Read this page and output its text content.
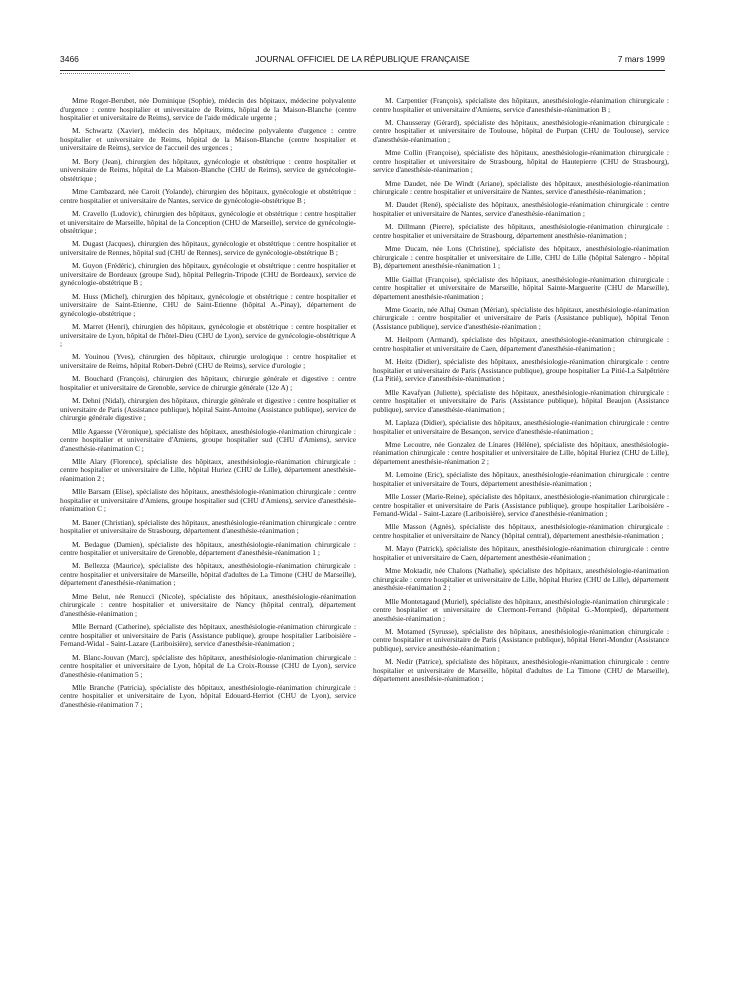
3466	JOURNAL OFFICIEL DE LA RÉPUBLIQUE FRANÇAISE	7 mars 1999

Mme Roger-Berubet, née Dominique (Sophie), médecin des hôpitaux, médecine polyvalente d'urgence : centre hospitalier et universitaire de Reims, hôpital de la Maison-Blanche (centre hospitalier et universitaire de Reims), service de l'aide médicale urgente ;

M. Schwartz (Xavier), médecin des hôpitaux, médecine polyvalente d'urgence : centre hospitalier et universitaire de Reims, hôpital de la Maison-Blanche (centre hospitalier et universitaire de Reims), service de l'accueil des urgences ;

M. Bory (Jean), chirurgien des hôpitaux, gynécologie et obstétrique : centre hospitalier et universitaire de Reims, hôpital de La Maison-Blanche (CHU de Reims), service de gynécologie-obstétrique ;

Mme Cambazard, née Caroit (Yolande), chirurgien des hôpitaux, gynécologie et obstétrique : centre hospitalier et universitaire de Nantes, service de gynécologie-obstétrique B ;

M. Cravello (Ludovic), chirurgien des hôpitaux, gynécologie et obstétrique : centre hospitalier et universitaire de Marseille, hôpital de la Conception (CHU de Marseille), service de gynécologie-obstétrique ;

M. Dugast (Jacques), chirurgien des hôpitaux, gynécologie et obstétrique : centre hospitalier et universitaire de Rennes, hôpital sud (CHU de Rennes), service de gynécologie-obstétrique B ;

M. Guyon (Frédéric), chirurgien des hôpitaux, gynécologie et obstétrique : centre hospitalier et universitaire de Bordeaux (groupe Sud), hôpital Pellegrin-Tripode (CHU de Bordeaux), service de gynécologie-obstétrique B ;

M. Huss (Michel), chirurgien des hôpitaux, gynécologie et obstétrique : centre hospitalier et universitaire de Saint-Etienne, CHU de Saint-Etienne (hôpital A.-Pinay), département de gynécologie-obstétrique ;

M. Marret (Henri), chirurgien des hôpitaux, gynécologie et obstétrique : centre hospitalier et universitaire de Lyon, hôpital de l'hôtel-Dieu (CHU de Lyon), service de gynécologie-obstétrique A ;

M. Youinou (Yves), chirurgien des hôpitaux, chirurgie urologique : centre hospitalier et universitaire de Reims, hôpital Robert-Debré (CHU de Reims), service d'urologie ;

M. Bouchard (François), chirurgien des hôpitaux, chirurgie générale et digestive : centre hospitalier et universitaire de Grenoble, service de chirurgie générale (12e A) ;

M. Dehni (Nidal), chirurgien des hôpitaux, chirurgie générale et digestive : centre hospitalier et universitaire de Paris (Assistance publique), hôpital Saint-Antoine (Assistance publique), service de chirurgie générale digestive ;

Mlle Agaesse (Véronique), spécialiste des hôpitaux, anesthésiologie-réanimation chirurgicale : centre hospitalier et universitaire d'Amiens, groupe hospitalier sud (CHU d'Amiens), service d'anesthésie-réanimation C ;

Mlle Alary (Florence), spécialiste des hôpitaux, anesthésiologie-réanimation chirurgicale : centre hospitalier et universitaire de Lille, hôpital Huriez (CHU de Lille), département anesthésie-réanimation 2 ;

Mlle Barsam (Elise), spécialiste des hôpitaux, anesthésiologie-réanimation chirurgicale : centre hospitalier et universitaire d'Amiens, groupe hospitalier sud (CHU d'Amiens), service d'anesthésie-réanimation C ;

M. Bauer (Christian), spécialiste des hôpitaux, anesthésiologie-réanimation chirurgicale : centre hospitalier et universitaire de Strasbourg, département d'anesthésie-réanimation ;

M. Bedague (Damien), spécialiste des hôpitaux, anesthésiologie-réanimation chirurgicale : centre hospitalier et universitaire de Grenoble, département d'anesthésie-réanimation 1 ;

M. Bellezza (Maurice), spécialiste des hôpitaux, anesthésiologie-réanimation chirurgicale : centre hospitalier et universitaire de Marseille, hôpital d'adultes de La Timone (CHU de Marseille), département d'anesthésie-réanimation ;

Mme Belut, née Renucci (Nicole), spécialiste des hôpitaux, anesthésiologie-réanimation chirurgicale : centre hospitalier et universitaire de Nancy (hôpital central), département d'anesthésie-réanimation ;

Mlle Bernard (Catherine), spécialiste des hôpitaux, anesthésiologie-réanimation chirurgicale : centre hospitalier et universitaire de Paris (Assistance publique), groupe hospitalier Lariboisière - Fernand-Widal - Saint-Lazare (Lariboisière), service d'anesthésie-réanimation ;

M. Blanc-Jouvan (Marc), spécialiste des hôpitaux, anesthésiologie-réanimation chirurgicale : centre hospitalier et universitaire de Lyon, hôpital de La Croix-Rousse (CHU de Lyon), service d'anesthésie-réanimation 5 ;

Mlle Branche (Patricia), spécialiste des hôpitaux, anesthésiologie-réanimation chirurgicale : centre hospitalier et universitaire de Lyon, hôpital Edouard-Herriot (CHU de Lyon), service d'anesthésie-réanimation 7 ;

M. Carpentier (François), spécialiste des hôpitaux, anesthésiologie-réanimation chirurgicale : centre hospitalier et universitaire d'Amiens, service d'anesthésie-réanimation B ;

M. Chausseray (Gérard), spécialiste des hôpitaux, anesthésiologie-réanimation chirurgicale : centre hospitalier et universitaire de Toulouse, hôpital de Purpan (CHU de Toulouse), service d'anesthésie-réanimation ;

Mme Collin (Françoise), spécialiste des hôpitaux, anesthésiologie-réanimation chirurgicale : centre hospitalier et universitaire de Strasbourg, hôpital de Hautepierre (CHU de Strasbourg), service d'anesthésie-réanimation ;

Mme Daudet, née De Windt (Ariane), spécialiste des hôpitaux, anesthésiologie-réanimation chirurgicale : centre hospitalier et universitaire de Nantes, service d'anesthésie-réanimation ;

M. Daudet (René), spécialiste des hôpitaux, anesthésiologie-réanimation chirurgicale : centre hospitalier et universitaire de Nantes, service d'anesthésie-réanimation ;

M. Dillmann (Pierre), spécialiste des hôpitaux, anesthésiologie-réanimation chirurgicale : centre hospitalier et universitaire de Strasbourg, département anesthésie-réanimation ;

Mme Ducam, née Lons (Christine), spécialiste des hôpitaux, anesthésiologie-réanimation chirurgicale : centre hospitalier et universitaire de Lille, CHU de Lille (hôpital Salengro - hôpital B), département anesthésie-réanimation 1 ;

Mlle Gaillat (Françoise), spécialiste des hôpitaux, anesthésiologie-réanimation chirurgicale : centre hospitalier et universitaire de Marseille, hôpital Sainte-Marguerite (CHU de Marseille), département anesthésie-réanimation ;

Mme Goarin, née Alhaj Osman (Mérian), spécialiste des hôpitaux, anesthésiologie-réanimation chirurgicale : centre hospitalier et universitaire de Paris (Assistance publique), hôpital Tenon (Assistance publique), service d'anesthésie-réanimation ;

M. Heilporn (Armand), spécialiste des hôpitaux, anesthésiologie-réanimation chirurgicale : centre hospitalier et universitaire de Caen, département d'anesthésie-réanimation ;

M. Heitz (Didier), spécialiste des hôpitaux, anesthésiologie-réanimation chirurgicale : centre hospitalier et universitaire de Paris (Assistance publique), groupe hospitalier La Pitié-La Salpêtrière (La Pitié), service d'anesthésie-réanimation ;

Mlle Kavafyan (Juliette), spécialiste des hôpitaux, anesthésiologie-réanimation chirurgicale : centre hospitalier et universitaire de Paris (Assistance publique), hôpital Beaujon (Assistance publique), service d'anesthésie-réanimation ;

M. Laplaza (Didier), spécialiste des hôpitaux, anesthésiologie-réanimation chirurgicale : centre hospitalier et universitaire de Besançon, service d'anesthésie-réanimation ;

Mme Lecoutre, née Gonzalez de Linares (Hélène), spécialiste des hôpitaux, anesthésiologie-réanimation chirurgicale : centre hospitalier et universitaire de Lille, hôpital Huriez (CHU de Lille), département anesthésie-réanimation 2 ;

M. Lemoine (Eric), spécialiste des hôpitaux, anesthésiologie-réanimation chirurgicale : centre hospitalier et universitaire de Tours, département anesthésie-réanimation ;

Mlle Losser (Marie-Reine), spécialiste des hôpitaux, anesthésiologie-réanimation chirurgicale : centre hospitalier et universitaire de Paris (Assistance publique), groupe hospitalier Lariboisière - Fernand-Widal - Saint-Lazare (Lariboisière), service d'anesthésie-réanimation ;

Mlle Masson (Agnès), spécialiste des hôpitaux, anesthésiologie-réanimation chirurgicale : centre hospitalier et universitaire de Nancy (hôpital central), département anesthésie-réanimation ;

M. Mayo (Patrick), spécialiste des hôpitaux, anesthésiologie-réanimation chirurgicale : centre hospitalier et universitaire de Caen, département anesthésie-réanimation ;

Mme Moktadir, née Chalons (Nathalie), spécialiste des hôpitaux, anesthésiologie-réanimation chirurgicale : centre hospitalier et universitaire de Lille, hôpital Huriez (CHU de Lille), département anesthésie-réanimation 2 ;

Mlle Montetagaud (Muriel), spécialiste des hôpitaux, anesthésiologie-réanimation chirurgicale : centre hospitalier et universitaire de Clermont-Ferrand (hôpital G.-Montpied), département anesthésie-réanimation ;

M. Motamed (Syrusse), spécialiste des hôpitaux, anesthésiologie-réanimation chirurgicale : centre hospitalier et universitaire de Paris (Assistance publique), hôpital Henri-Mondor (Assistance publique), service anesthésie-réanimation ;

M. Nedir (Patrice), spécialiste des hôpitaux, anesthésiologie-réanimation chirurgicale : centre hospitalier et universitaire de Marseille, hôpital d'adultes de La Timone (CHU de Marseille), département anesthésie-réanimation ;
